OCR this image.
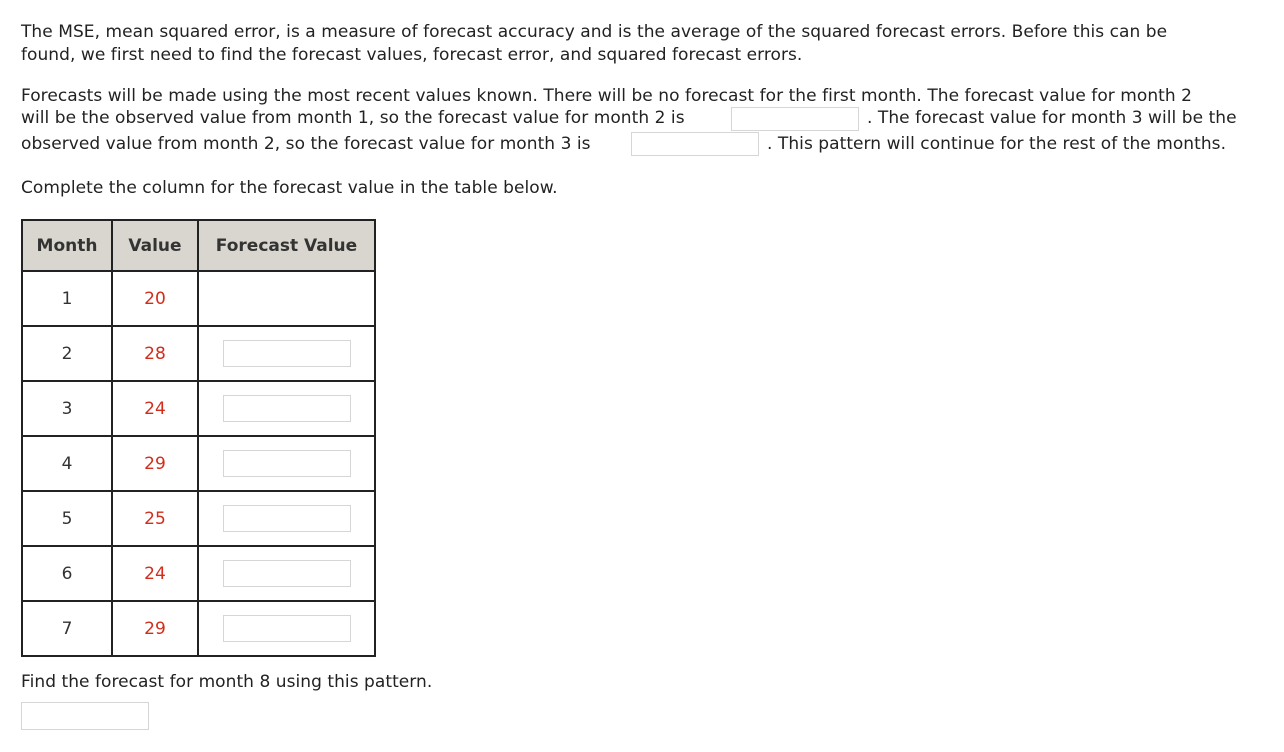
The MSE, mean squared error, is a measure of forecast accuracy and is the average of the squared forecast errors. Before this can be

found, we first need to find the forecast values, forecast error, and squared forecast errors.

Forecasts will be made using the most recent values known. There will be no forecast for the first month. The forecast value for month 2

will be the observed value from month 1, so the forecast value for month 2 is	. The forecast value for month 3 will be the

observed value from month 2, so the forecast value for month 3 is	. This pattern will continue for the rest of the months.

Complete the column for the forecast value in the table below.

Month	Value	Forecast Value
1	20	
2	28	
3	24	
4	29	
5	25	
6	24	
7	29	

Find the forecast for month 8 using this pattern.
